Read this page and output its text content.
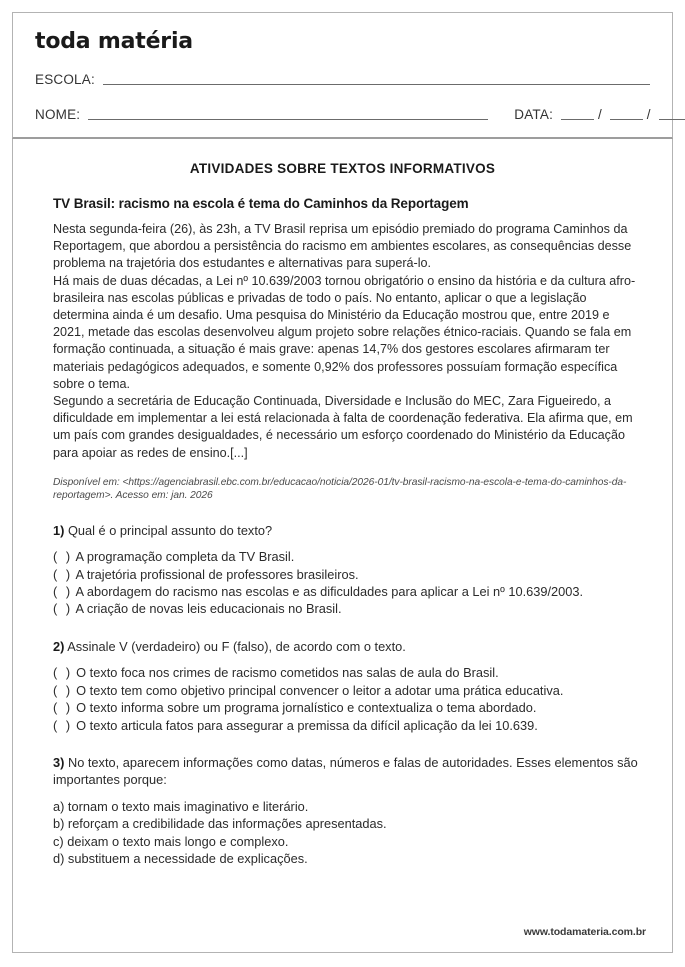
toda matéria
ESCOLA:
NOME:	DATA:	/	/
ATIVIDADES SOBRE TEXTOS INFORMATIVOS
TV Brasil: racismo na escola é tema do Caminhos da Reportagem

Nesta segunda-feira (26), às 23h, a TV Brasil reprisa um episódio premiado do programa Caminhos da Reportagem, que abordou a persistência do racismo em ambientes escolares, as consequências desse problema na trajetória dos estudantes e alternativas para superá-lo.

Há mais de duas décadas, a Lei nº 10.639/2003 tornou obrigatório o ensino da história e da cultura afro-brasileira nas escolas públicas e privadas de todo o país. No entanto, aplicar o que a legislação determina ainda é um desafio. Uma pesquisa do Ministério da Educação mostrou que, entre 2019 e 2021, metade das escolas desenvolveu algum projeto sobre relações étnico-raciais. Quando se fala em formação continuada, a situação é mais grave: apenas 14,7% dos gestores escolares afirmaram ter materiais pedagógicos adequados, e somente 0,92% dos professores possuíam formação específica sobre o tema.

Segundo a secretária de Educação Continuada, Diversidade e Inclusão do MEC, Zara Figueiredo, a dificuldade em implementar a lei está relacionada à falta de coordenação federativa. Ela afirma que, em um país com grandes desigualdades, é necessário um esforço coordenado do Ministério da Educação para apoiar as redes de ensino.[...]

Disponível em: <https://agenciabrasil.ebc.com.br/educacao/noticia/2026-01/tv-brasil-racismo-na-escola-e-tema-do-caminhos-da-reportagem>. Acesso em: jan. 2026

1) Qual é o principal assunto do texto?

( ) A programação completa da TV Brasil.

( ) A trajetória profissional de professores brasileiros.

( ) A abordagem do racismo nas escolas e as dificuldades para aplicar a Lei nº 10.639/2003.

( ) A criação de novas leis educacionais no Brasil.

2) Assinale V (verdadeiro) ou F (falso), de acordo com o texto.

( ) O texto foca nos crimes de racismo cometidos nas salas de aula do Brasil.

( ) O texto tem como objetivo principal convencer o leitor a adotar uma prática educativa.

( ) O texto informa sobre um programa jornalístico e contextualiza o tema abordado.

( ) O texto articula fatos para assegurar a premissa da difícil aplicação da lei 10.639.

3) No texto, aparecem informações como datas, números e falas de autoridades. Esses elementos são importantes porque:

a) tornam o texto mais imaginativo e literário.

b) reforçam a credibilidade das informações apresentadas.

c) deixam o texto mais longo e complexo.

d) substituem a necessidade de explicações.

www.todamateria.com.br
